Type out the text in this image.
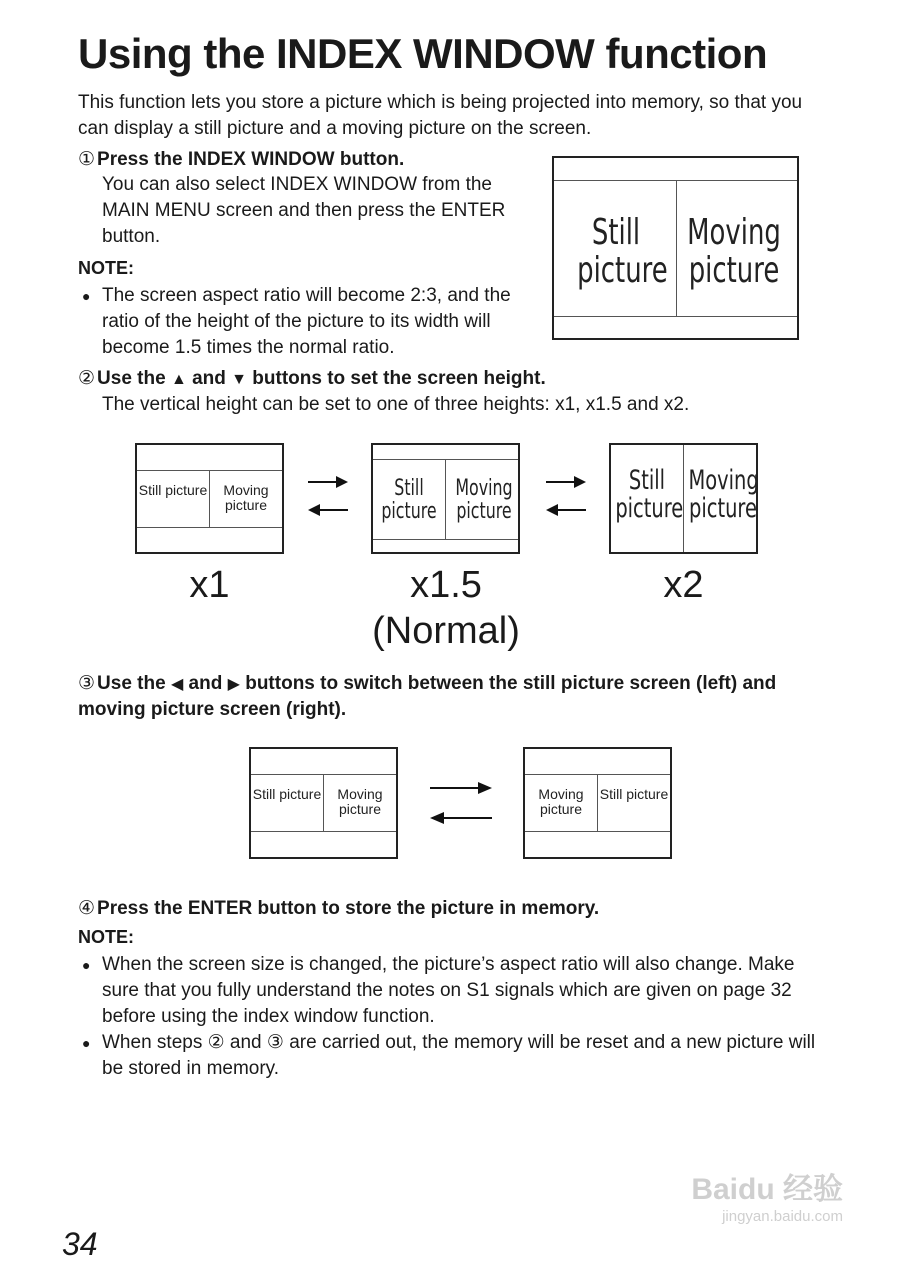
Using the INDEX WINDOW function

This function lets you store a picture which is being projected into memory, so that you can display a still picture and a moving picture on the screen.

① Press the INDEX WINDOW button.

You can also select INDEX WINDOW from the MAIN MENU screen and then press the ENTER button.

NOTE:

● The screen aspect ratio will become 2:3, and the ratio of the height of the picture to its width will become 1.5 times the normal ratio.

Still picture
Moving picture

② Use the ▲ and ▼ buttons to set the screen height.

The vertical height can be set to one of three heights: x1, x1.5 and x2.

Still picture	Moving picture
x1
Still picture
Moving picture
x1.5
(Normal)
Still picture
Moving picture
x2

③ Use the ◀ and ▶ buttons to switch between the still picture screen (left) and moving picture screen (right).

Still picture	Moving picture
Moving picture
Still picture

④ Press the ENTER button to store the picture in memory.

NOTE:

● When the screen size is changed, the picture’s aspect ratio will also change. Make sure that you fully understand the notes on S1 signals which are given on page 32 before using the index window function.

● When steps ② and ③ are carried out, the memory will be reset and a new picture will be stored in memory.

Baidu 经验
jingyan.baidu.com
34
